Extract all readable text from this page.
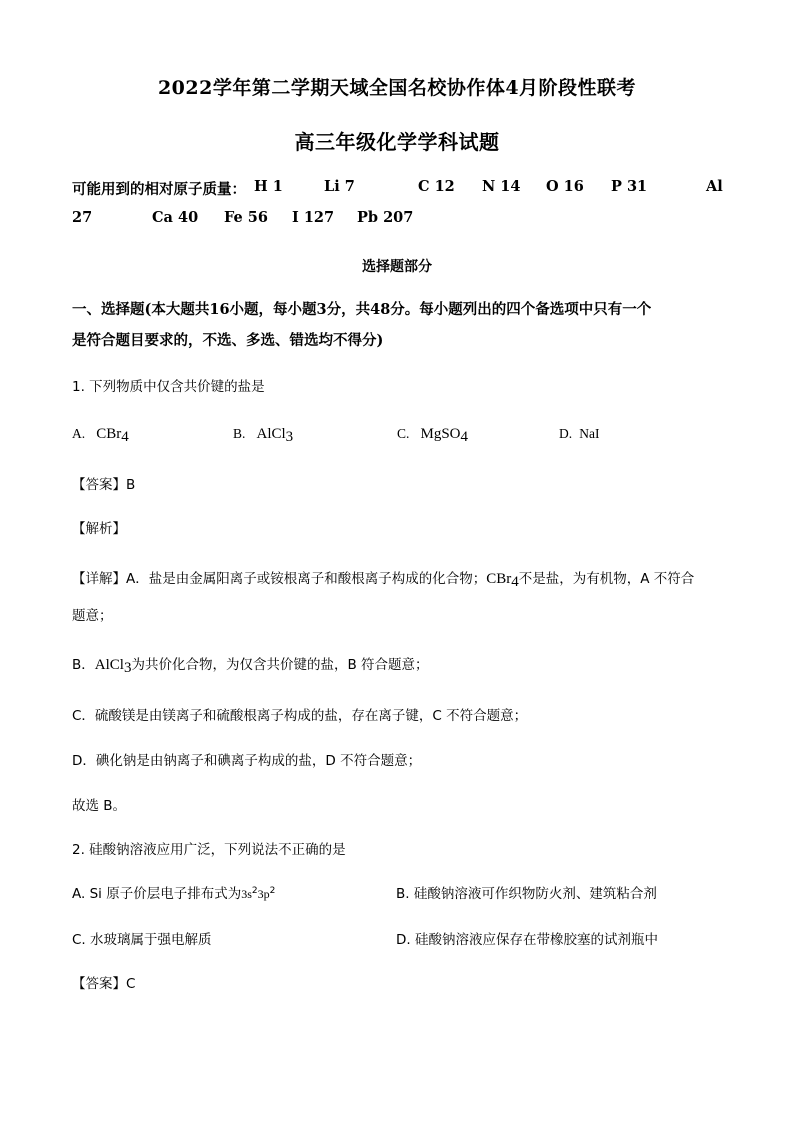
2022学年第二学期天域全国名校协作体4月阶段性联考
高三年级化学学科试题
可能用到的相对原子质量： H 1	Li 7	C 12 N 14 O 16 P 31	Al
27	Ca 40 Fe 56 I 127 Pb 207
选择题部分
一、选择题(本大题共16小题，每小题3分，共48分。每小题列出的四个备选项中只有一个
是符合题目要求的，不选、多选、错选均不得分)
1. 下列物质中仅含共价键的盐是
A. CBr$_4$	B. AlCl$_3$	C. MgSO$_4$	D. NaI
【答案】B
【解析】
【详解】A．盐是由金属阳离子或铵根离子和酸根离子构成的化合物；CBr$_4$不是盐，为有机物，A 不符合
题意；
B．AlCl$_3$为共价化合物，为仅含共价键的盐，B 符合题意；
C．硫酸镁是由镁离子和硫酸根离子构成的盐，存在离子键，C 不符合题意；
D．碘化钠是由钠离子和碘离子构成的盐，D 不符合题意；
故选 B。
2. 硅酸钠溶液应用广泛，下列说法不正确的是
A. Si 原子价层电子排布式为$3s^23p^2$	B. 硅酸钠溶液可作织物防火剂、建筑粘合剂
C. 水玻璃属于强电解质	D. 硅酸钠溶液应保存在带橡胶塞的试剂瓶中
【答案】C
